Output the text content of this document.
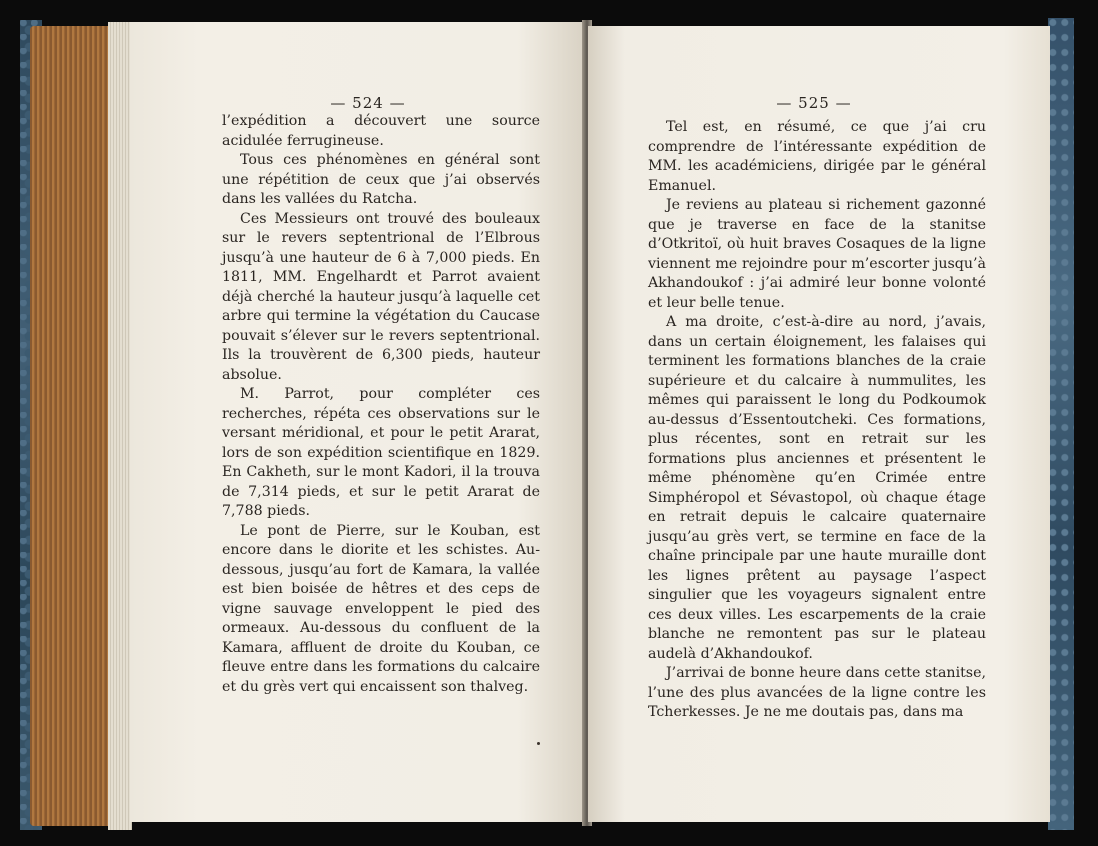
— 524 —

l’expédition a découvert une source acidulée ferrugineuse.

Tous ces phénomènes en général sont une répétition de ceux que j’ai observés dans les vallées du Ratcha.

Ces Messieurs ont trouvé des bouleaux sur le revers septentrional de l’Elbrous jusqu’à une hauteur de 6 à 7,000 pieds. En 1811, MM. Engelhardt et Parrot avaient déjà cherché la hauteur jusqu’à laquelle cet arbre qui termine la végétation du Caucase pouvait s’élever sur le revers septentrional. Ils la trouvèrent de 6,300 pieds, hauteur absolue.

M. Parrot, pour compléter ces recherches, répéta ces observations sur le versant méridional, et pour le petit Ararat, lors de son expédition scientifique en 1829. En Cakheth, sur le mont Kadori, il la trouva de 7,314 pieds, et sur le petit Ararat de 7,788 pieds.

Le pont de Pierre, sur le Kouban, est encore dans le diorite et les schistes. Au-dessous, jusqu’au fort de Kamara, la vallée est bien boisée de hêtres et des ceps de vigne sauvage enveloppent le pied des ormeaux. Au-dessous du confluent de la Kamara, affluent de droite du Kouban, ce fleuve entre dans les formations du calcaire et du grès vert qui encaissent son thalveg.

— 525 —

Tel est, en résumé, ce que j’ai cru comprendre de l’intéressante expédition de MM. les académiciens, dirigée par le général Emanuel.

Je reviens au plateau si richement gazonné que je traverse en face de la stanitse d’Otkritoï, où huit braves Cosaques de la ligne viennent me rejoindre pour m’escorter jusqu’à Akhandoukof : j’ai admiré leur bonne volonté et leur belle tenue.

A ma droite, c’est-à-dire au nord, j’avais, dans un certain éloignement, les falaises qui terminent les formations blanches de la craie supérieure et du calcaire à nummulites, les mêmes qui paraissent le long du Podkoumok au-dessus d’Essentoutcheki. Ces formations, plus récentes, sont en retrait sur les formations plus anciennes et présentent le même phénomène qu’en Crimée entre Simphéropol et Sévastopol, où chaque étage en retrait depuis le calcaire quaternaire jusqu’au grès vert, se termine en face de la chaîne principale par une haute muraille dont les lignes prêtent au paysage l’aspect singulier que les voyageurs signalent entre ces deux villes. Les escarpements de la craie blanche ne remontent pas sur le plateau audelà d’Akhandoukof.

J’arrivai de bonne heure dans cette stanitse, l’une des plus avancées de la ligne contre les Tcherkesses. Je ne me doutais pas, dans ma
